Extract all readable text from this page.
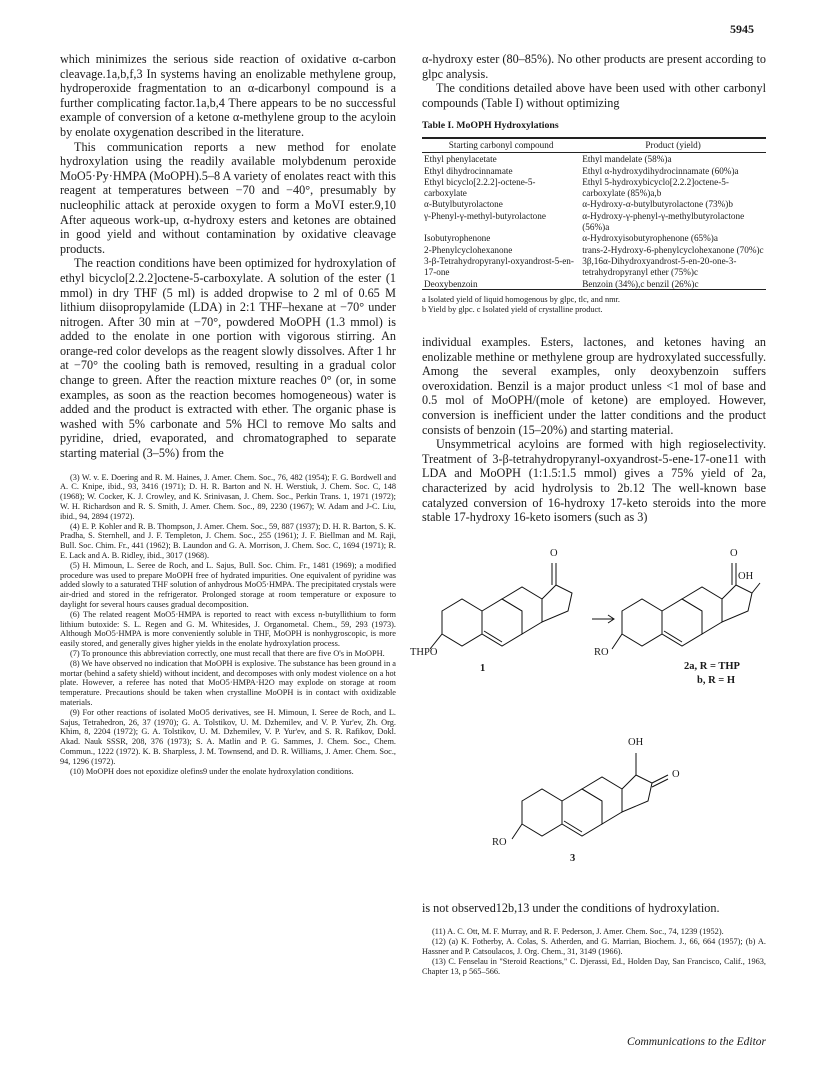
5945

which minimizes the serious side reaction of oxidative α-carbon cleavage.1a,b,f,3 In systems having an enolizable methylene group, hydroperoxide fragmentation to an α-dicarbonyl compound is a further complicating factor.1a,b,4 There appears to be no successful example of conversion of a ketone α-methylene group to the acyloin by enolate oxygenation described in the literature.

This communication reports a new method for enolate hydroxylation using the readily available molybdenum peroxide MoO5·Py·HMPA (MoOPH).5–8 A variety of enolates react with this reagent at temperatures between −70 and −40°, presumably by nucleophilic attack at peroxide oxygen to form a MoVI ester.9,10 After aqueous work-up, α-hydroxy esters and ketones are obtained in good yield and without contamination by oxidative cleavage products.

The reaction conditions have been optimized for hydroxylation of ethyl bicyclo[2.2.2]octene-5-carboxylate. A solution of the ester (1 mmol) in dry THF (5 ml) is added dropwise to 2 ml of 0.65 M lithium diisopropylamide (LDA) in 2:1 THF–hexane at −70° under nitrogen. After 30 min at −70°, powdered MoOPH (1.3 mmol) is added to the enolate in one portion with vigorous stirring. An orange-red color develops as the reagent slowly dissolves. After 1 hr at −70° the cooling bath is removed, resulting in a gradual color change to green. After the reaction mixture reaches 0° (or, in some examples, as soon as the reaction becomes homogeneous) water is added and the product is extracted with ether. The organic phase is washed with 5% carbonate and 5% HCl to remove Mo salts and pyridine, dried, evaporated, and chromatographed to separate starting material (3–5%) from the

(3) W. v. E. Doering and R. M. Haines, J. Amer. Chem. Soc., 76, 482 (1954); F. G. Bordwell and A. C. Knipe, ibid., 93, 3416 (1971); D. H. R. Barton and N. H. Werstiuk, J. Chem. Soc. C, 148 (1968); W. Cocker, K. J. Crowley, and K. Srinivasan, J. Chem. Soc., Perkin Trans. 1, 1971 (1972); W. H. Richardson and R. S. Smith, J. Amer. Chem. Soc., 89, 2230 (1967); W. Adam and J-C. Liu, ibid., 94, 2894 (1972).

(4) E. P. Kohler and R. B. Thompson, J. Amer. Chem. Soc., 59, 887 (1937); D. H. R. Barton, S. K. Pradha, S. Sternhell, and J. F. Templeton, J. Chem. Soc., 255 (1961); J. F. Biellman and M. Raji, Bull. Soc. Chim. Fr., 441 (1962); B. Laundon and G. A. Morrison, J. Chem. Soc. C, 1694 (1971); R. E. Lack and A. B. Ridley, ibid., 3017 (1968).

(5) H. Mimoun, L. Seree de Roch, and L. Sajus, Bull. Soc. Chim. Fr., 1481 (1969); a modified procedure was used to prepare MoOPH free of hydrated impurities. One equivalent of pyridine was added slowly to a saturated THF solution of anhydrous MoO5·HMPA. The precipitated crystals were air-dried and stored in the refrigerator. Prolonged storage at room temperature or exposure to daylight for several hours causes gradual decomposition.

(6) The related reagent MoO5·HMPA is reported to react with excess n-butyllithium to form lithium butoxide: S. L. Regen and G. M. Whitesides, J. Organometal. Chem., 59, 293 (1973). Although MoO5·HMPA is more conveniently soluble in THF, MoOPH is nonhygroscopic, is more easily stored, and generally gives higher yields in the enolate hydroxylation process.

(7) To pronounce this abbreviation correctly, one must recall that there are five O's in MoOPH.

(8) We have observed no indication that MoOPH is explosive. The substance has been ground in a mortar (behind a safety shield) without incident, and decomposes with only modest violence on a hot plate. However, a referee has noted that MoO5·HMPA·H2O may explode on storage at room temperature. Precautions should be taken when crystalline MoOPH is in contact with oxidizable materials.

(9) For other reactions of isolated MoO5 derivatives, see H. Mimoun, I. Seree de Roch, and L. Sajus, Tetrahedron, 26, 37 (1970); G. A. Tolstikov, U. M. Dzhemilev, and V. P. Yur'ev, Zh. Org. Khim, 8, 2204 (1972); G. A. Tolstikov, U. M. Dzhemilev, V. P. Yur'ev, and S. R. Rafikov, Dokl. Akad. Nauk SSSR, 208, 376 (1973); S. A. Matlin and P. G. Sammes, J. Chem. Soc., Chem. Commun., 1222 (1972). K. B. Sharpless, J. M. Townsend, and D. R. Williams, J. Amer. Chem. Soc., 94, 1296 (1972).

(10) MoOPH does not epoxidize olefins9 under the enolate hydroxylation conditions.

α-hydroxy ester (80–85%). No other products are present according to glpc analysis.

The conditions detailed above have been used with other carbonyl compounds (Table I) without optimizing

Table I. MoOPH Hydroxylations
Starting carbonyl compound	Product (yield)
Ethyl phenylacetate	Ethyl mandelate (58%)a
Ethyl dihydrocinnamate	Ethyl α-hydroxydihydrocinnamate (60%)a
Ethyl bicyclo[2.2.2]-octene-5-carboxylate	Ethyl 5-hydroxybicyclo[2.2.2]octene-5-carboxylate (85%)a,b
α-Butylbutyrolactone	α-Hydroxy-α-butylbutyrolactone (73%)b
γ-Phenyl-γ-methyl-butyrolactone	α-Hydroxy-γ-phenyl-γ-methylbutyrolactone (56%)a
Isobutyrophenone	α-Hydroxyisobutyrophenone (65%)a
2-Phenylcyclohexanone	trans-2-Hydroxy-6-phenylcyclohexanone (70%)c
3-β-Tetrahydropyranyl-oxyandrost-5-en-17-one	3β,16α-Dihydroxyandrost-5-en-20-one-3-tetrahydropyranyl ether (75%)c
Deoxybenzoin	Benzoin (34%),c benzil (26%)c
a Isolated yield of liquid homogenous by glpc, tlc, and nmr.
b Yield by glpc. c Isolated yield of crystalline product.

individual examples. Esters, lactones, and ketones having an enolizable methine or methylene group are hydroxylated successfully. Among the several examples, only deoxybenzoin suffers overoxidation. Benzil is a major product unless <1 mol of base and 0.5 mol of MoOPH/(mole of ketone) are employed. However, conversion is inefficient under the latter conditions and the product consists of benzoin (15–20%) and starting material.

Unsymmetrical acyloins are formed with high regioselectivity. Treatment of 3-β-tetrahydropyranyl-oxyandrost-5-ene-17-one11 with LDA and MoOPH (1:1.5:1.5 mmol) gives a 75% yield of 2a, characterized by acid hydrolysis to 2b.12 The well-known base catalyzed conversion of 16-hydroxy 17-keto steroids into the more stable 17-hydroxy 16-keto isomers (such as 3)

O	O
OH
THPO	RO
1	2a, R = THP
b, R = H
OH
O
RO
3

is not observed12b,13 under the conditions of hydroxylation.

(11) A. C. Ott, M. F. Murray, and R. F. Pederson, J. Amer. Chem. Soc., 74, 1239 (1952).

(12) (a) K. Fotherby, A. Colas, S. Atherden, and G. Marrian, Biochem. J., 66, 664 (1957); (b) A. Hassner and P. Catsoulacos, J. Org. Chem., 31, 3149 (1966).

(13) C. Fenselau in "Steroid Reactions," C. Djerassi, Ed., Holden Day, San Francisco, Calif., 1963, Chapter 13, p 565–566.

Communications to the Editor
